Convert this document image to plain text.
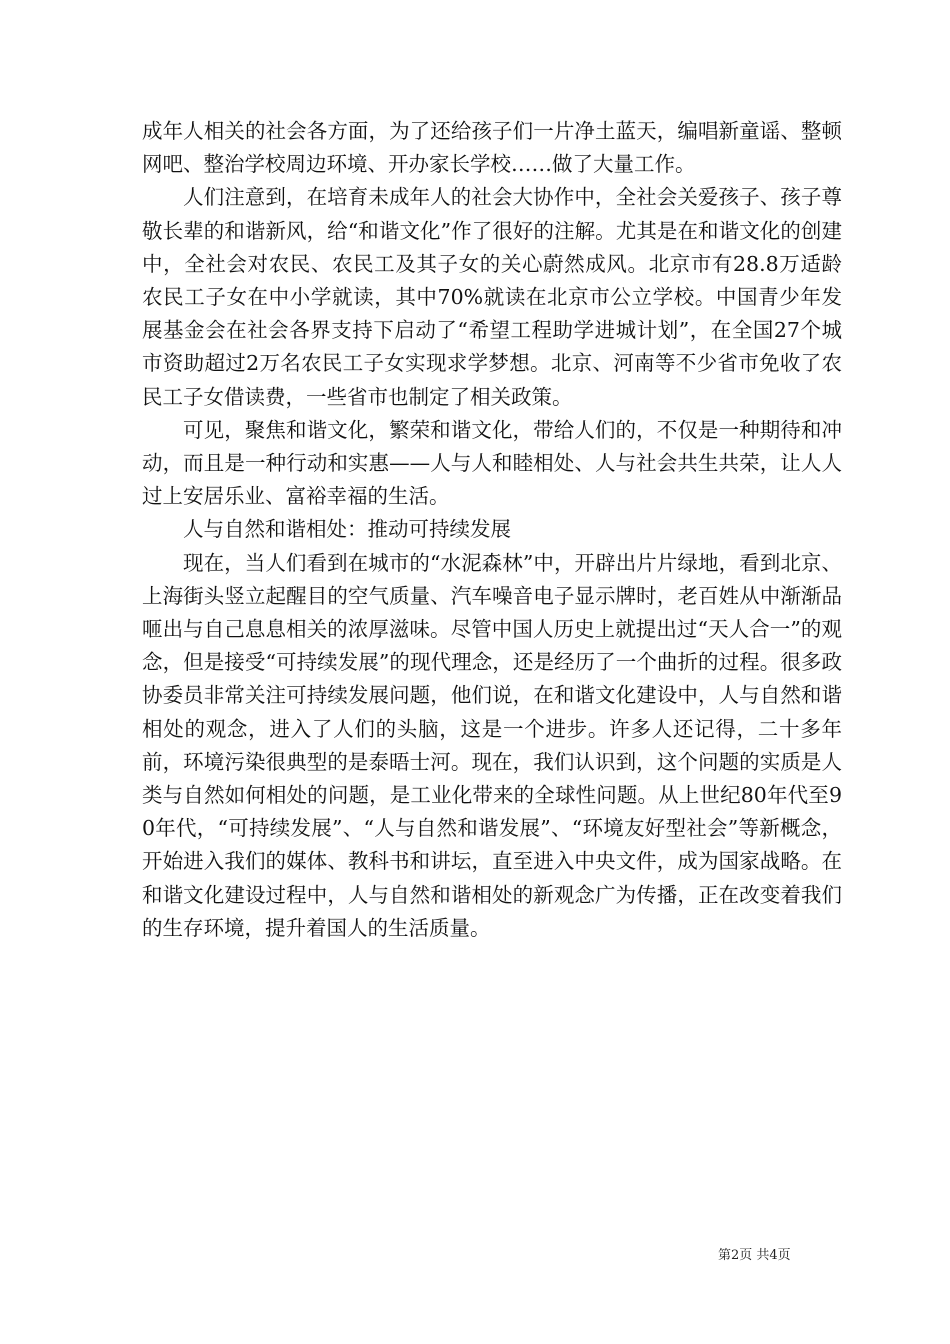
成年人相关的社会各方面，为了还给孩子们一片净土蓝天，编唱新童谣、整顿网吧、整治学校周边环境、开办家长学校……做了大量工作。

人们注意到，在培育未成年人的社会大协作中，全社会关爱孩子、孩子尊敬长辈的和谐新风，给“和谐文化”作了很好的注解。尤其是在和谐文化的创建中，全社会对农民、农民工及其子女的关心蔚然成风。北京市有28.8万适龄农民工子女在中小学就读，其中70%就读在北京市公立学校。中国青少年发展基金会在社会各界支持下启动了“希望工程助学进城计划”，在全国27个城市资助超过2万名农民工子女实现求学梦想。北京、河南等不少省市免收了农民工子女借读费，一些省市也制定了相关政策。

可见，聚焦和谐文化，繁荣和谐文化，带给人们的，不仅是一种期待和冲动，而且是一种行动和实惠——人与人和睦相处、人与社会共生共荣，让人人过上安居乐业、富裕幸福的生活。

人与自然和谐相处：推动可持续发展

现在，当人们看到在城市的“水泥森林”中，开辟出片片绿地，看到北京、上海街头竖立起醒目的空气质量、汽车噪音电子显示牌时，老百姓从中渐渐品咂出与自己息息相关的浓厚滋味。尽管中国人历史上就提出过“天人合一”的观念，但是接受“可持续发展”的现代理念，还是经历了一个曲折的过程。很多政协委员非常关注可持续发展问题，他们说，在和谐文化建设中，人与自然和谐相处的观念，进入了人们的头脑，这是一个进步。许多人还记得，二十多年前，环境污染很典型的是泰晤士河。现在，我们认识到，这个问题的实质是人类与自然如何相处的问题，是工业化带来的全球性问题。从上世纪80年代至90年代，“可持续发展”、“人与自然和谐发展”、“环境友好型社会”等新概念，开始进入我们的媒体、教科书和讲坛，直至进入中央文件，成为国家战略。在和谐文化建设过程中，人与自然和谐相处的新观念广为传播，正在改变着我们的生存环境，提升着国人的生活质量。

第2页 共4页
